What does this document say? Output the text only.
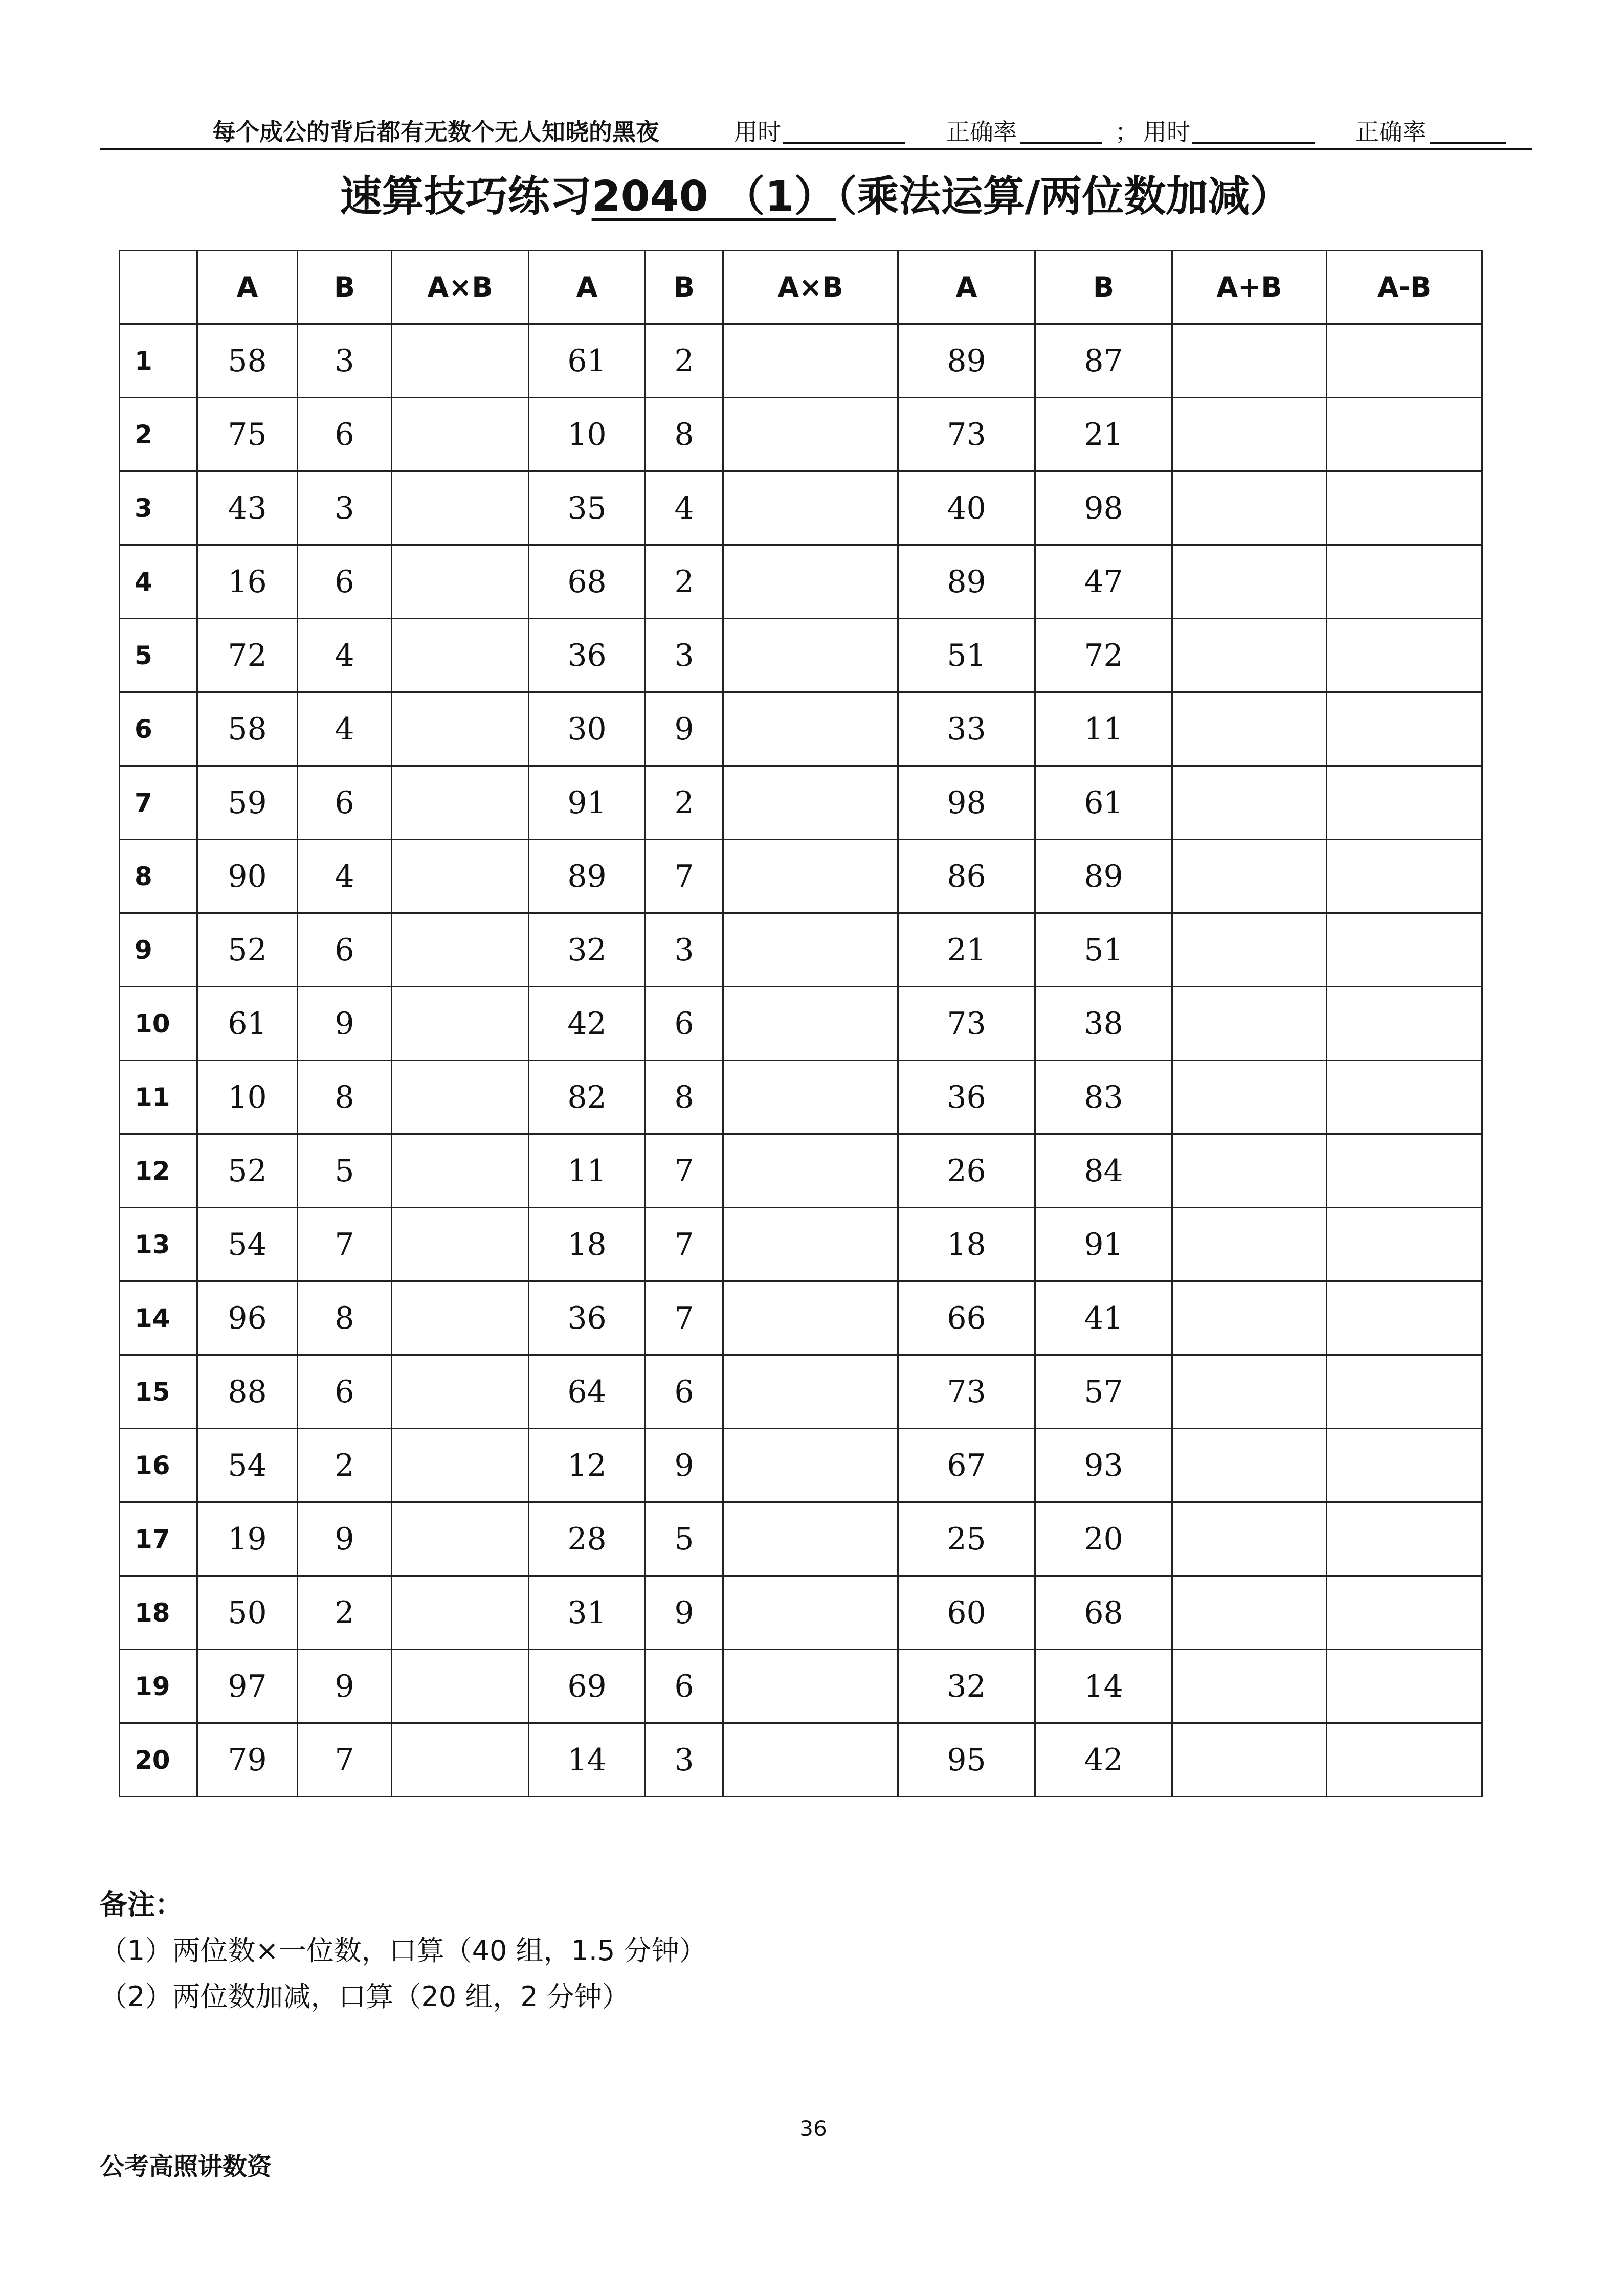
每个成公的背后都有无数个无人知晓的黑夜	用时	正确率	； 用时	正确率
速算技巧练习2040 （1）（乘法运算/两位数加减）
	A	B	A×B	A	B	A×B	A	B	A+B	A-B
1	58	3		61	2		89	87		
2	75	6		10	8		73	21		
3	43	3		35	4		40	98		
4	16	6		68	2		89	47		
5	72	4		36	3		51	72		
6	58	4		30	9		33	11		
7	59	6		91	2		98	61		
8	90	4		89	7		86	89		
9	52	6		32	3		21	51		
10	61	9		42	6		73	38		
11	10	8		82	8		36	83		
12	52	5		11	7		26	84		
13	54	7		18	7		18	91		
14	96	8		36	7		66	41		
15	88	6		64	6		73	57		
16	54	2		12	9		67	93		
17	19	9		28	5		25	20		
18	50	2		31	9		60	68		
19	97	9		69	6		32	14		
20	79	7		14	3		95	42		
备注：
（1）两位数×一位数，口算（40 组，1.5 分钟）
（2）两位数加减，口算（20 组，2 分钟）
36
公考高照讲数资
